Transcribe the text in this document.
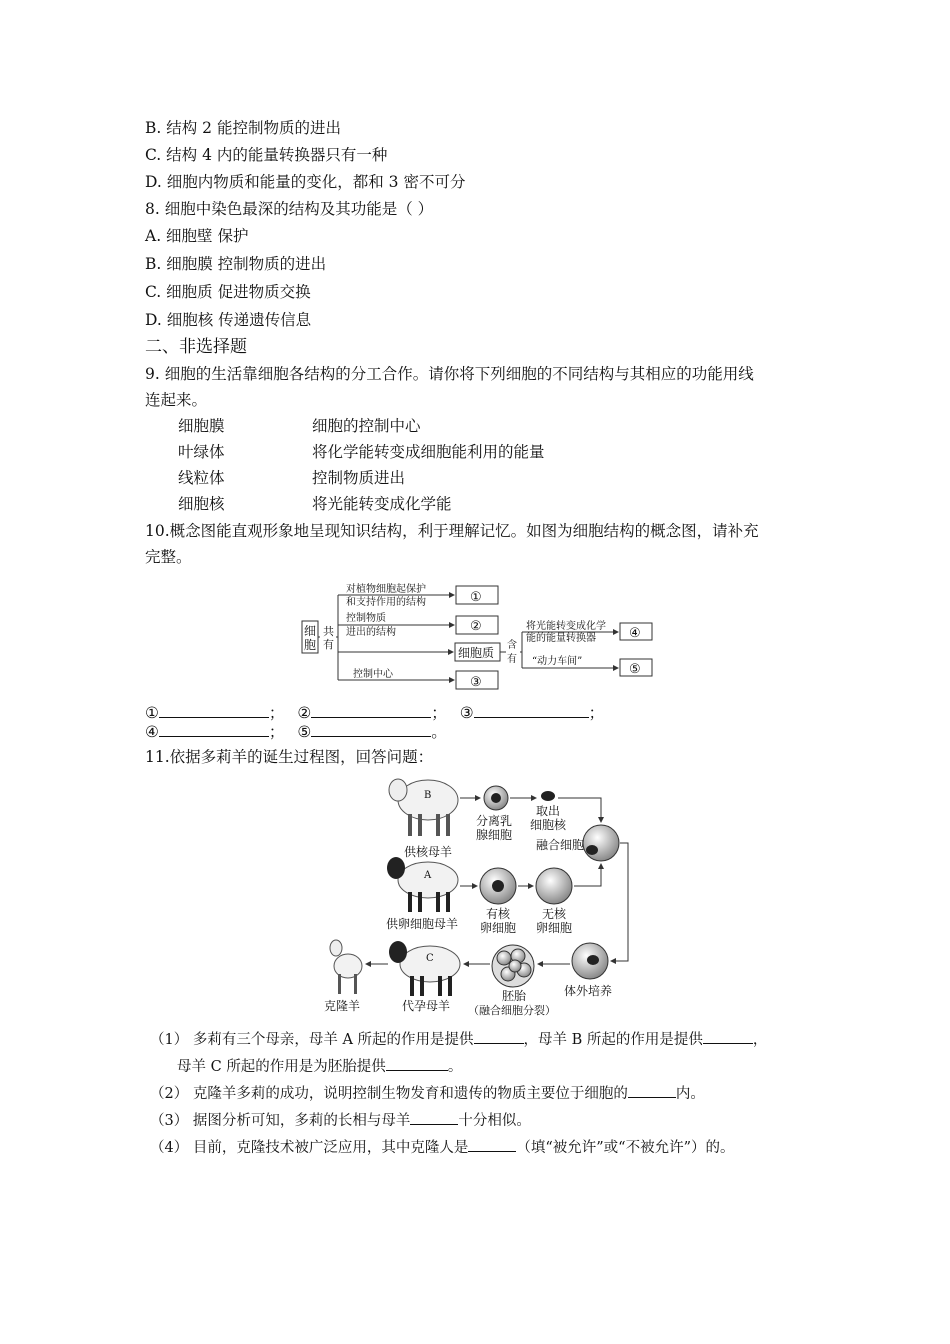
B. 结构 2 能控制物质的进出
C. 结构 4 内的能量转换器只有一种
D. 细胞内物质和能量的变化，都和 3 密不可分
8. 细胞中染色最深的结构及其功能是（ ）
A. 细胞壁 保护
B. 细胞膜 控制物质的进出
C. 细胞质 促进物质交换
D. 细胞核 传递遗传信息
二、非选择题
9. 细胞的生活靠细胞各结构的分工合作。请你将下列细胞的不同结构与其相应的功能用线
连起来。
细胞膜	细胞的控制中心
叶绿体	将化学能转变成细胞能利用的能量
线粒体	控制物质进出
细胞核	将光能转变成化学能
10.概念图能直观形象地呈现知识结构，利于理解记忆。如图为细胞结构的概念图，请补充
完整。
细
胞
共
有
对植物细胞起保护
和支持作用的结构
控制物质
进出的结构
控制中心
细胞质
含
有
将光能转变成化学
能的能量转换器
“动力车间”
①
②
③
④
⑤
①	； ②	； ③	；
④	； ⑤	。
11.依据多莉羊的诞生过程图，回答问题：
B
供核母羊
分离乳
腺细胞
取出
细胞核
融合细胞
A
供卵细胞母羊
有核
卵细胞
无核
卵细胞
克隆羊
C
代孕母羊
胚胎
（融合细胞分裂）
体外培养
（1） 多莉有三个母亲，母羊 A 所起的作用是提供	，母羊 B 所起的作用是提供	，
母羊 C 所起的作用是为胚胎提供	。
（2） 克隆羊多莉的成功，说明控制生物发育和遗传的物质主要位于细胞的	内。
（3） 据图分析可知，多莉的长相与母羊	十分相似。
（4） 目前，克隆技术被广泛应用，其中克隆人是	（填“被允许”或“不被允许”）的。
